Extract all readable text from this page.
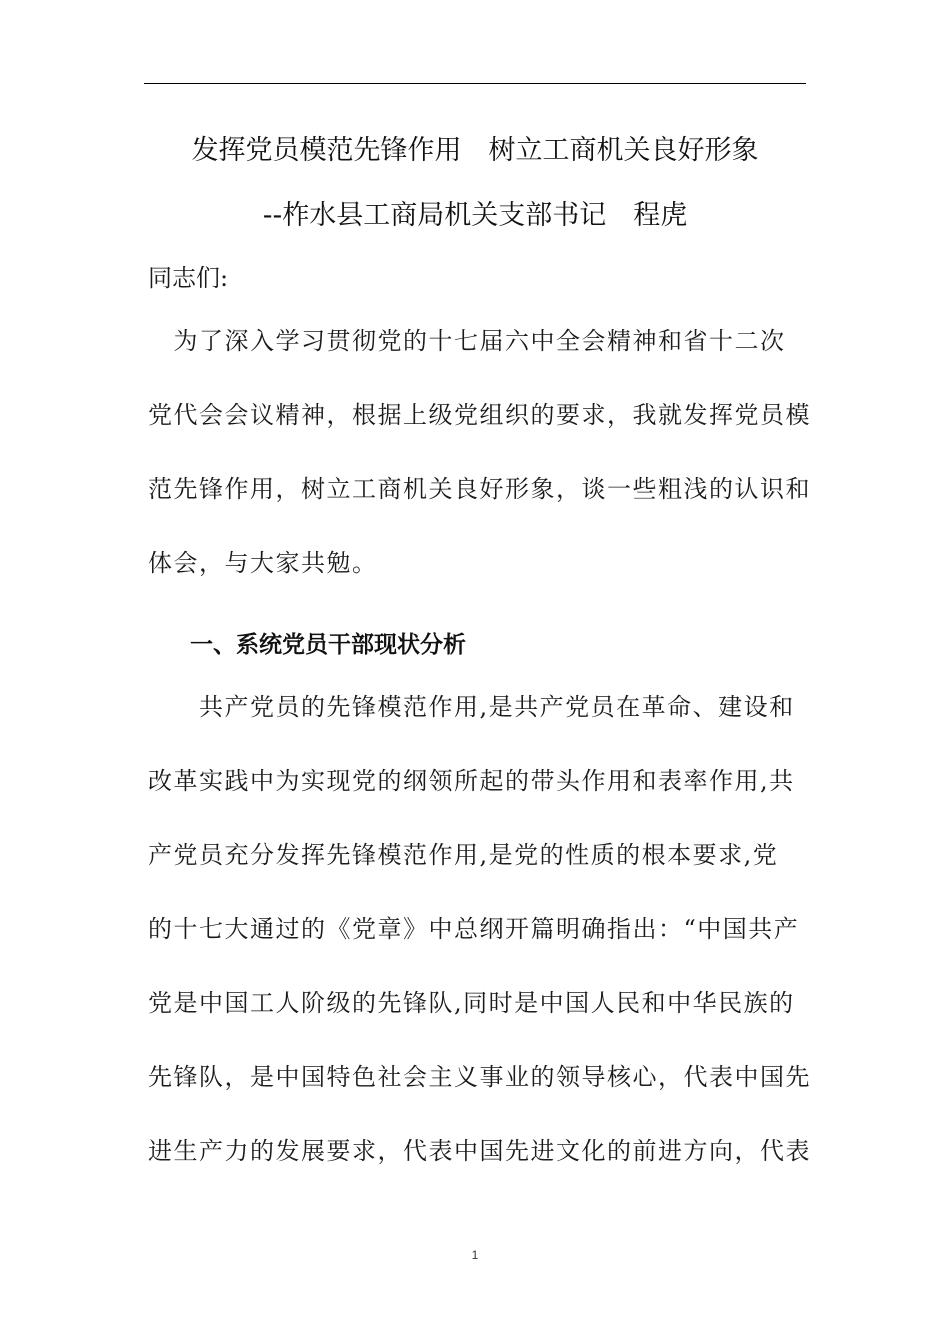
发挥党员模范先锋作用　树立工商机关良好形象
--柞水县工商局机关支部书记　程虎

同志们:

　为了深入学习贯彻党的十七届六中全会精神和省十二次
党代会会议精神，根据上级党组织的要求，我就发挥党员模
范先锋作用，树立工商机关良好形象，谈一些粗浅的认识和
体会，与大家共勉。

一、系统党员干部现状分析

　　共产党员的先锋模范作用,是共产党员在革命、建设和
改革实践中为实现党的纲领所起的带头作用和表率作用,共
产党员充分发挥先锋模范作用,是党的性质的根本要求,党
的十七大通过的《党章》中总纲开篇明确指出：“中国共产
党是中国工人阶级的先锋队,同时是中国人民和中华民族的
先锋队，是中国特色社会主义事业的领导核心，代表中国先
进生产力的发展要求，代表中国先进文化的前进方向，代表

1
